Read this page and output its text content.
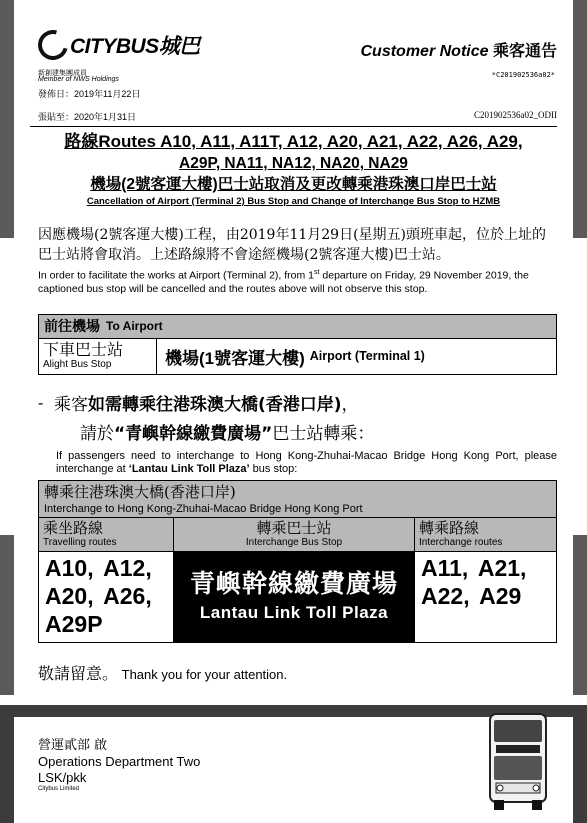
CITYBUS城巴
新創建集團成員
Member of NWS Holdings
發佈日：2019年11月22日
Customer Notice 乘客通告
*C201902536a02*
張貼至：2020年1月31日	C201902536a02_ODII
路線Routes A10, A11, A11T, A12, A20, A21, A22, A26, A29,
A29P, NA11, NA12, NA20, NA29
機場(2號客運大樓)巴士站取消及更改轉乘港珠澳口岸巴士站
Cancellation of Airport (Terminal 2) Bus Stop and Change of Interchange Bus Stop to HZMB
因應機場(2號客運大樓)工程，由2019年11月29日(星期五)頭班車起，位於上址的巴士站將會取消。上述路線將不會途經機場(2號客運大樓)巴士站。
In order to facilitate the works at Airport (Terminal 2), from 1st departure on Friday, 29 November 2019, the captioned bus stop will be cancelled and the routes above will not observe this stop.
前往機場 To Airport
下車巴士站
Alight Bus Stop	機場(1號客運大樓) Airport (Terminal 1)
- 乘客如需轉乘往港珠澳大橋(香港口岸)，
請於“青嶼幹線繳費廣場”巴士站轉乘：
If passengers need to interchange to Hong Kong-Zhuhai-Macao Bridge Hong Kong Port, please interchange at ‘Lantau Link Toll Plaza’ bus stop:
轉乘往港珠澳大橋(香港口岸)
Interchange to Hong Kong-Zhuhai-Macao Bridge Hong Kong Port
乘坐路線
Travelling routes
轉乘巴士站
Interchange Bus Stop
轉乘路線
Interchange routes
A10, A12, A20, A26, A29P
青嶼幹線繳費廣場
Lantau Link Toll Plaza
A11, A21, A22, A29
敬請留意。 Thank you for your attention.
營運貳部 啟
Operations Department Two
LSK/pkk
Citybus Limited
